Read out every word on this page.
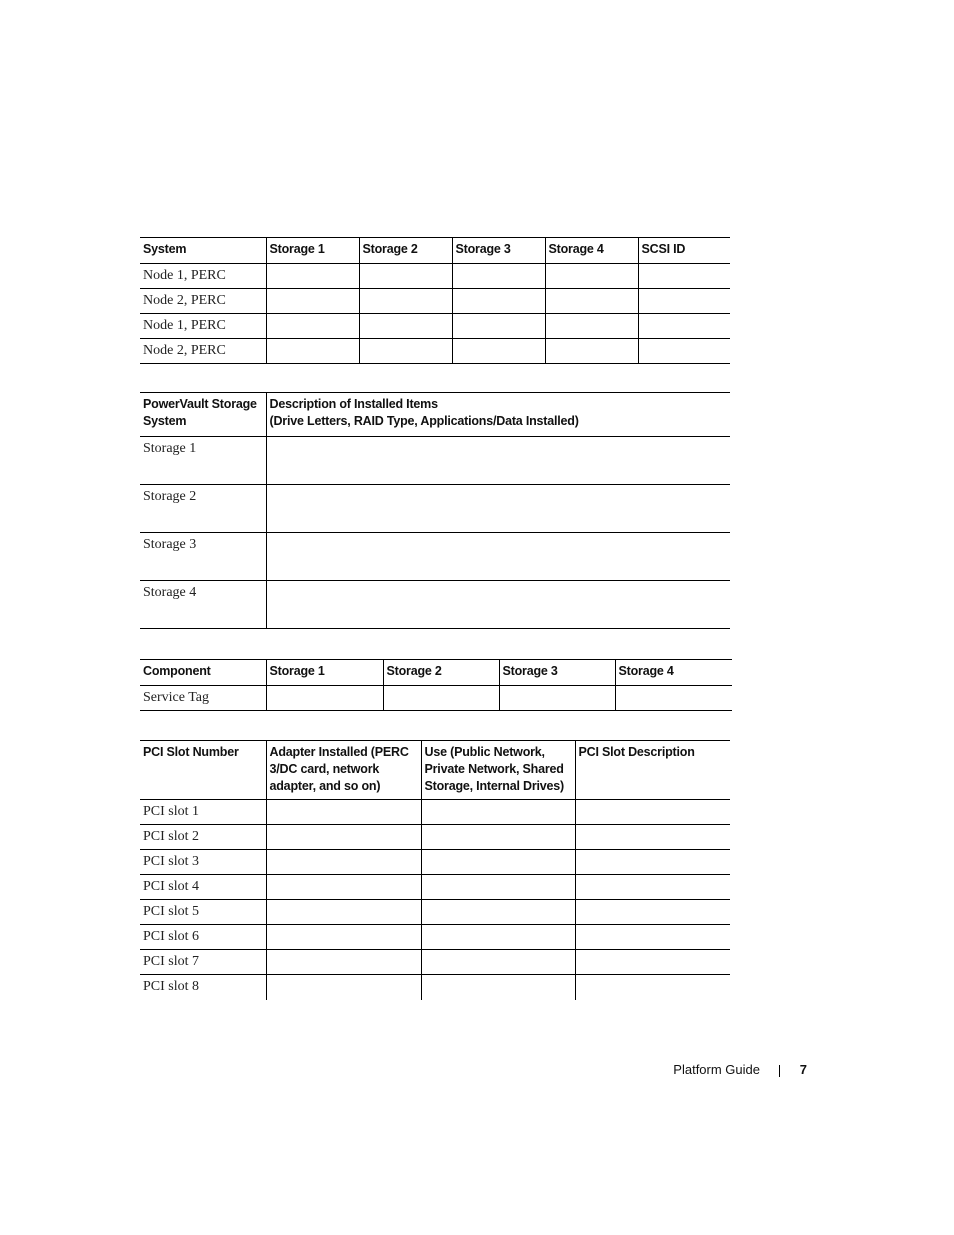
System	Storage 1	Storage 2	Storage 3	Storage 4	SCSI ID
Node 1, PERC					
Node 2, PERC					
Node 1, PERC					
Node 2, PERC					
PowerVault Storage System	Description of Installed Items
(Drive Letters, RAID Type, Applications/Data Installed)
Storage 1	
Storage 2	
Storage 3	
Storage 4	
Component	Storage 1	Storage 2	Storage 3	Storage 4
Service Tag				
PCI Slot Number	Adapter Installed (PERC 3/DC card, network adapter, and so on)	Use (Public Network, Private Network, Shared Storage, Internal Drives)	PCI Slot Description
PCI slot 1			
PCI slot 2			
PCI slot 3			
PCI slot 4			
PCI slot 5			
PCI slot 6			
PCI slot 7			
PCI slot 8			
Platform Guide	7
